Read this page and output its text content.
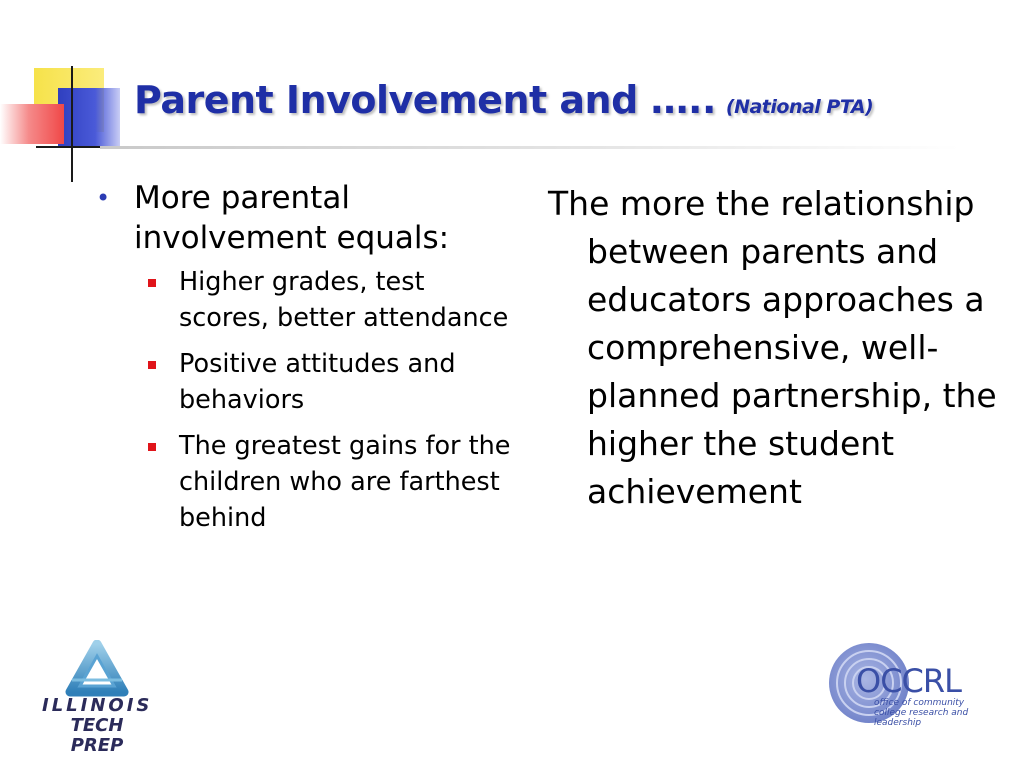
Parent Involvement and ….. (National PTA)
• More parental involvement equals:
Higher grades, test scores, better attendance
Positive attitudes and behaviors
The greatest gains for the children who are farthest behind
The more the relationship between parents and educators approaches a comprehensive, well-planned partnership, the higher the student achievement
ILLINOIS
TECH PREP
OCCRL
office of community college research and leadership
